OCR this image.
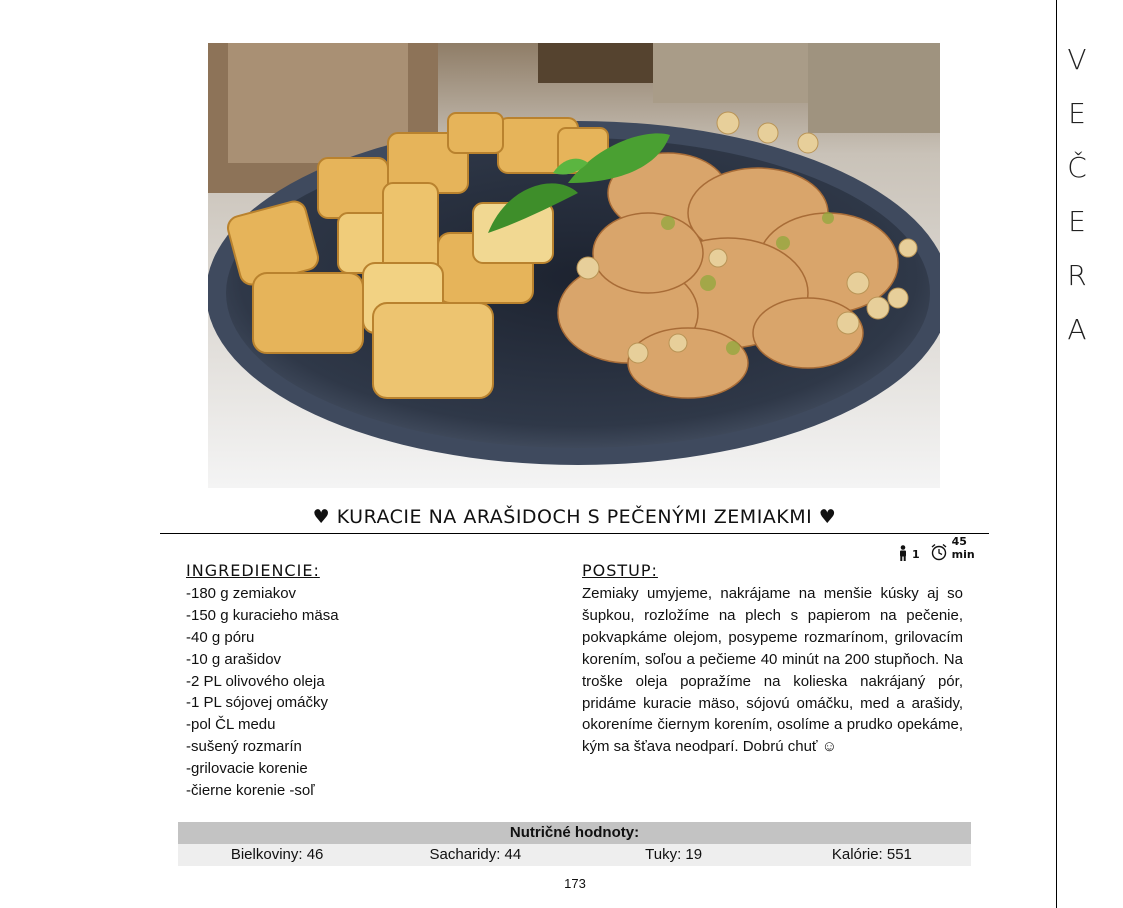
V
E
Č
E
R
A
♥ KURACIE NA ARAŠIDOCH S PEČENÝMI ZEMIAKMI ♥
1
45 min
INGREDIENCIE:
-180 g zemiakov
-150 g kuracieho mäsa
-40 g póru
-10 g arašidov
-2 PL olivového oleja
-1 PL sójovej omáčky
-pol ČL medu
-sušený rozmarín
-grilovacie korenie
-čierne korenie -soľ
POSTUP:

Zemiaky umyjeme, nakrájame na menšie kúsky aj so šupkou, rozložíme na plech s papierom na pečenie, pokvapkáme olejom, posypeme rozmarínom, grilovacím korením, soľou a pečieme 40 minút na 200 stupňoch. Na troške oleja popražíme na kolieska nakrájaný pór, pridáme kuracie mäso, sójovú omáčku, med a arašidy, okoreníme čiernym korením, osolíme a prudko opekáme, kým sa šťava neodparí. Dobrú chuť ☺

Nutričné hodnoty:
Bielkoviny: 46	Sacharidy: 44	Tuky: 19	Kalórie: 551
173
